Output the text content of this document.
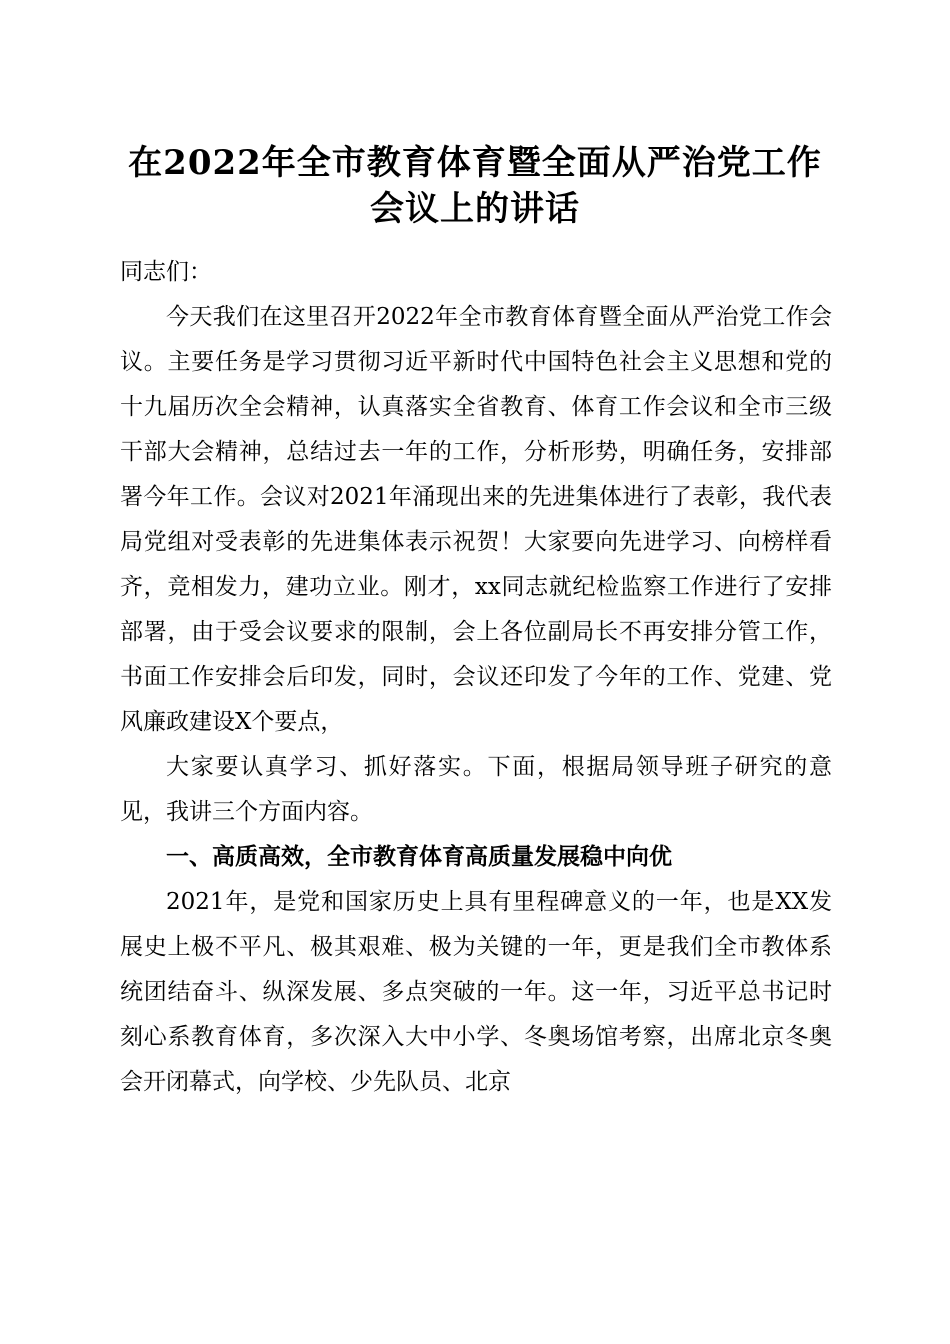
在2022年全市教育体育暨全面从严治党工作
会议上的讲话

同志们：

今天我们在这里召开2022年全市教育体育暨全面从严治党工作会议。主要任务是学习贯彻习近平新时代中国特色社会主义思想和党的十九届历次全会精神，认真落实全省教育、体育工作会议和全市三级干部大会精神，总结过去一年的工作，分析形势，明确任务，安排部署今年工作。会议对2021年涌现出来的先进集体进行了表彰，我代表局党组对受表彰的先进集体表示祝贺！大家要向先进学习、向榜样看齐，竞相发力，建功立业。刚才，xx同志就纪检监察工作进行了安排部署，由于受会议要求的限制，会上各位副局长不再安排分管工作，书面工作安排会后印发，同时，会议还印发了今年的工作、党建、党风廉政建设X个要点，

大家要认真学习、抓好落实。下面，根据局领导班子研究的意见，我讲三个方面内容。

一、高质高效，全市教育体育高质量发展稳中向优

2021年，是党和国家历史上具有里程碑意义的一年，也是XX发展史上极不平凡、极其艰难、极为关键的一年，更是我们全市教体系统团结奋斗、纵深发展、多点突破的一年。这一年，习近平总书记时刻心系教育体育，多次深入大中小学、冬奥场馆考察，出席北京冬奥会开闭幕式，向学校、少先队员、北京
